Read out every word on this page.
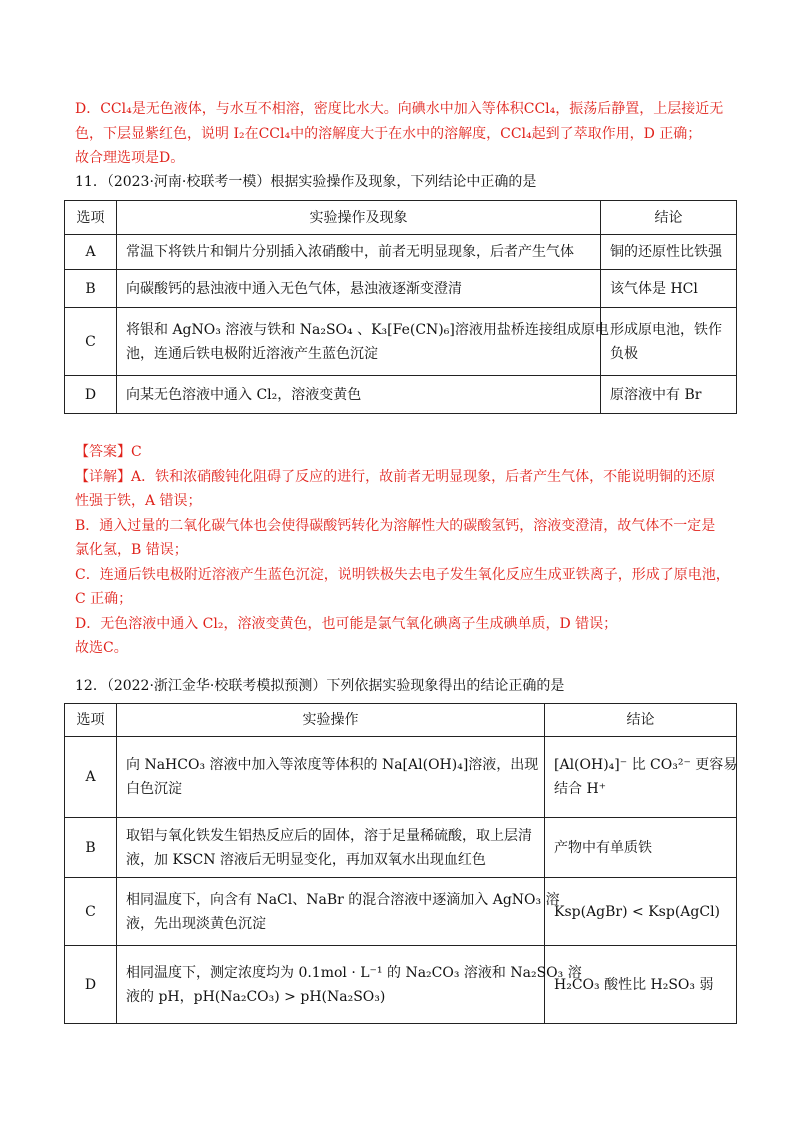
D．CCl₄是无色液体，与水互不相溶，密度比水大。向碘水中加入等体积CCl₄，振荡后静置，上层接近无
色，下层显紫红色，说明 I₂在CCl₄中的溶解度大于在水中的溶解度，CCl₄起到了萃取作用，D 正确；
故合理选项是D。
11．（2023·河南·校联考一模）根据实验操作及现象，下列结论中正确的是
选项	实验操作及现象	结论
A	常温下将铁片和铜片分别插入浓硝酸中，前者无明显现象，后者产生气体	铜的还原性比铁强

B	向碳酸钙的悬浊液中通入无色气体，悬浊液逐渐变澄清	该气体是 HCl

C	将银和 AgNO₃ 溶液与铁和 Na₂SO₄ 、K₃[Fe(CN)₆]溶液用盐桥连接组成原电
池，连通后铁电极附近溶液产生蓝色沉淀	形成原电池，铁作
负极

D	向某无色溶液中通入 Cl₂，溶液变黄色	原溶液中有 Br
【答案】C
【详解】A．铁和浓硝酸钝化阻碍了反应的进行，故前者无明显现象，后者产生气体，不能说明铜的还原
性强于铁，A 错误；
B．通入过量的二氧化碳气体也会使得碳酸钙转化为溶解性大的碳酸氢钙，溶液变澄清，故气体不一定是
氯化氢，B 错误；
C．连通后铁电极附近溶液产生蓝色沉淀，说明铁极失去电子发生氧化反应生成亚铁离子，形成了原电池，
C 正确；
D．无色溶液中通入 Cl₂，溶液变黄色，也可能是氯气氧化碘离子生成碘单质，D 错误；
故选C。
12．（2022·浙江金华·校联考模拟预测）下列依据实验现象得出的结论正确的是
选项	实验操作	结论
A	向 NaHCO₃ 溶液中加入等浓度等体积的 Na[Al(OH)₄]溶液，出现
白色沉淀	[Al(OH)₄]⁻ 比 CO₃²⁻ 更容易
结合 H⁺

B	取铝与氧化铁发生铝热反应后的固体，溶于足量稀硫酸，取上层清
液，加 KSCN 溶液后无明显变化，再加双氧水出现血红色	产物中有单质铁

C	相同温度下，向含有 NaCl、NaBr 的混合溶液中逐滴加入 AgNO₃ 溶
液，先出现淡黄色沉淀	Ksp(AgBr) < Ksp(AgCl)

D	相同温度下，测定浓度均为 0.1mol · L⁻¹ 的 Na₂CO₃ 溶液和 Na₂SO₃ 溶
液的 pH，pH(Na₂CO₃) > pH(Na₂SO₃)	H₂CO₃ 酸性比 H₂SO₃ 弱
